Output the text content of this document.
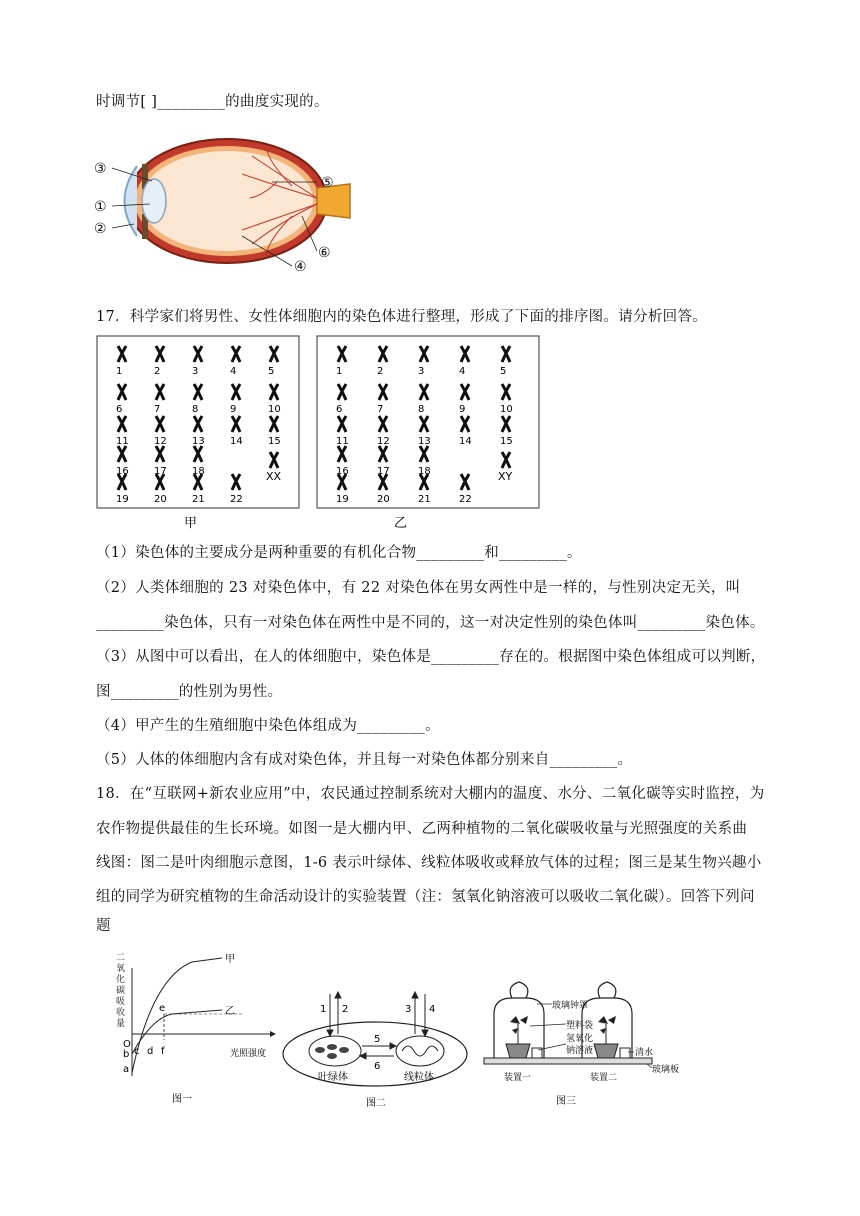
时调节[ ]_________的曲度实现的。
③
①
②
⑤
⑥
④
17．科学家们将男性、女性体细胞内的染色体进行整理，形成了下面的排序图。请分析回答。
1	2	3	4	5
6	7	8	9	10
11	12	13	14	15
16	17	18
19	20	21	22
XX
1	2	3	4	5
6	7	8	9	10
11	12	13	14	15
16	17	18
19	20	21	22
XY
甲	乙
（1）染色体的主要成分是两种重要的有机化合物_________和_________。
（2）人类体细胞的 23 对染色体中，有 22 对染色体在男女两性中是一样的，与性别决定无关，叫
_________染色体，只有一对染色体在两性中是不同的，这一对决定性别的染色体叫_________染色体。
（3）从图中可以看出，在人的体细胞中，染色体是_________存在的。根据图中染色体组成可以判断，
图_________的性别为男性。
（4）甲产生的生殖细胞中染色体组成为_________。
（5）人体的体细胞内含有成对染色体，并且每一对染色体都分别来自_________。
18．在“互联网+新农业应用”中，农民通过控制系统对大棚内的温度、水分、二氧化碳等实时监控，为
农作物提供最佳的生长环境。如图一是大棚内甲、乙两种植物的二氧化碳吸收量与光照强度的关系曲
线图：图二是叶肉细胞示意图，1-6 表示叶绿体、线粒体吸收或释放气体的过程；图三是某生物兴趣小
组的同学为研究植物的生命活动设计的实验装置（注：氢氧化钠溶液可以吸收二氧化碳）。回答下列问
题
二
氧
化
碳
吸
收
量
甲
乙
O
b
a
c d f
e
光照强度
图一
1 2	3 4
5
6
叶绿体	线粒体
图二
玻璃钟罩
塑料袋
氢氧化
钠溶液	清水
玻璃板
装置一	装置二
图三
